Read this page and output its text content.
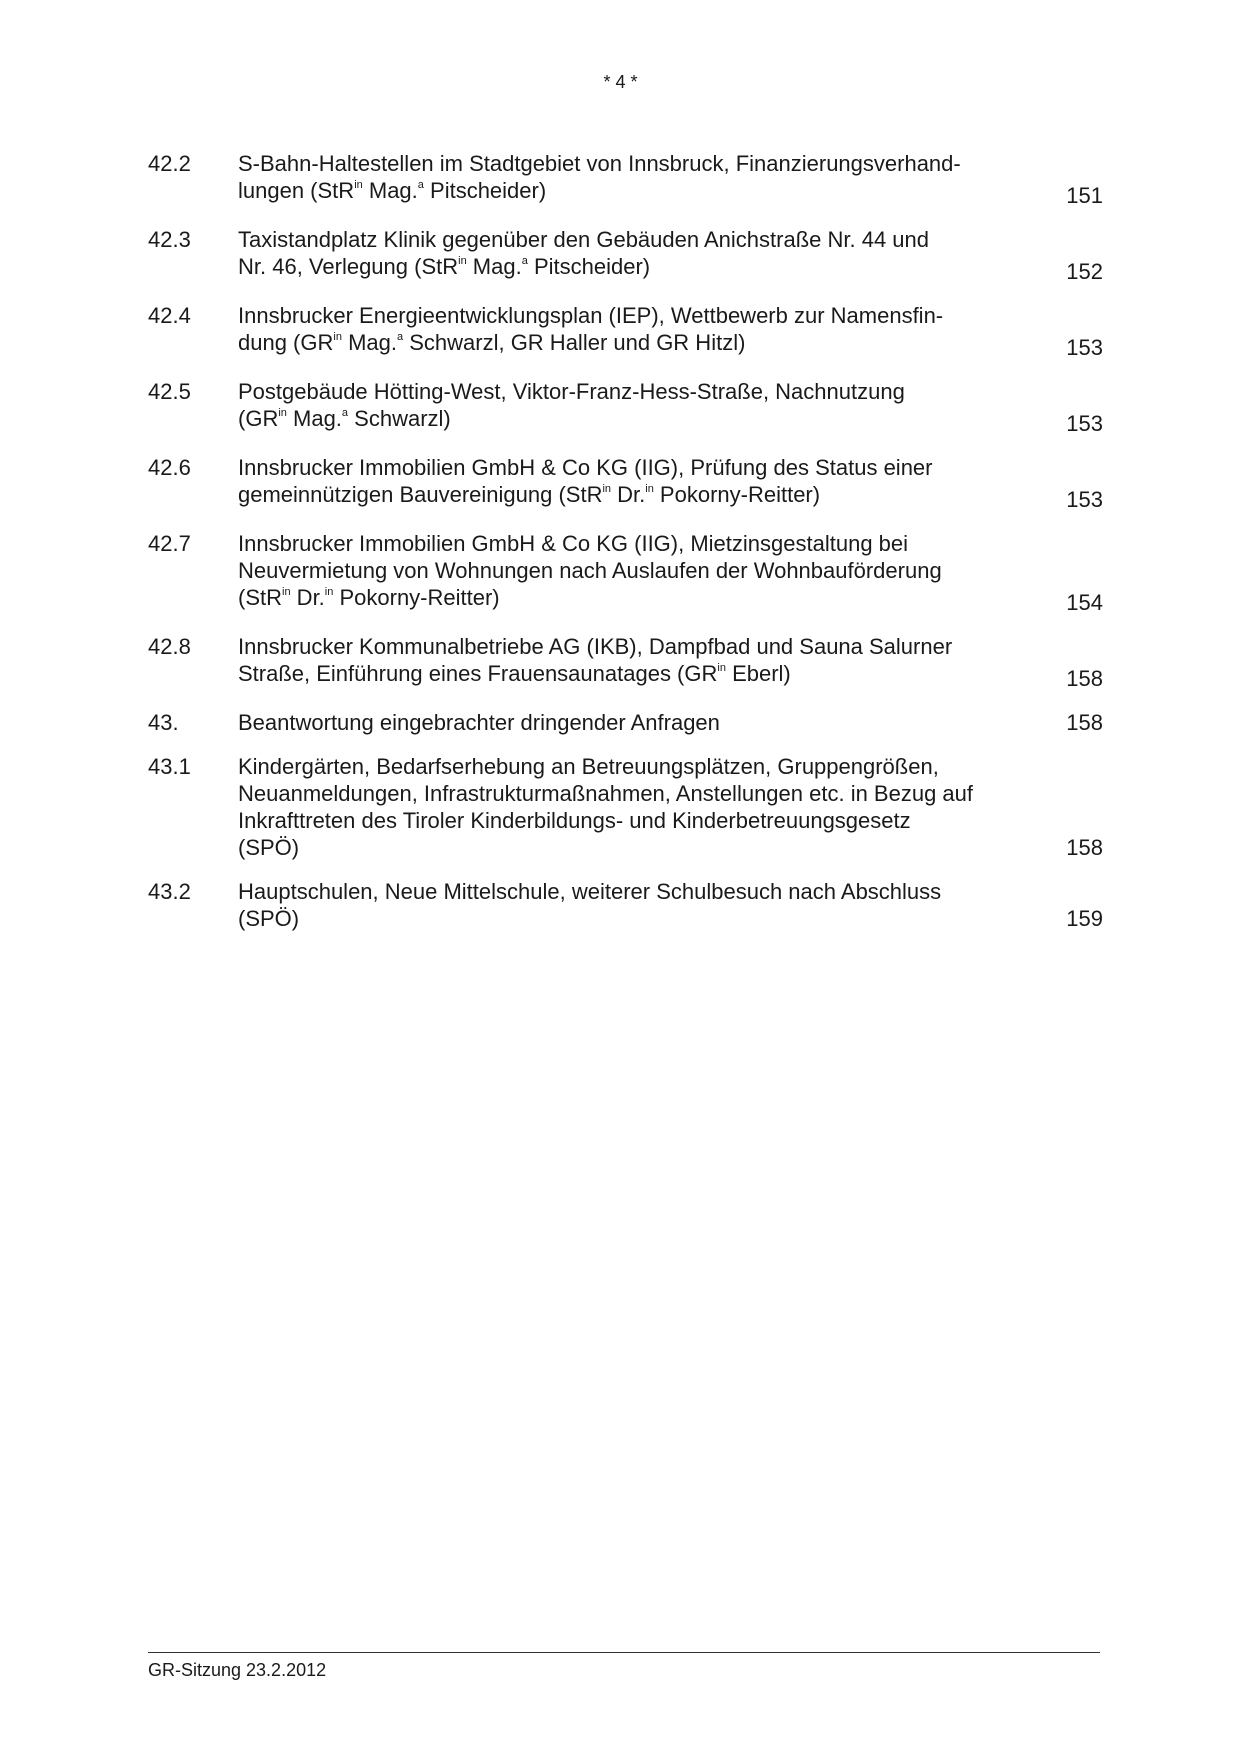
* 4 *
42.2	S-Bahn-Haltestellen im Stadtgebiet von Innsbruck, Finanzierungsverhand-
lungen (StR$^{in}$ Mag.$^a$ Pitscheider)	151
42.3	Taxistandplatz Klinik gegenüber den Gebäuden Anichstraße Nr. 44 und
Nr. 46, Verlegung (StR$^{in}$ Mag.$^a$ Pitscheider)	152
42.4	Innsbrucker Energieentwicklungsplan (IEP), Wettbewerb zur Namensfin-
dung ($GR^{in}$ Mag.$^a$ Schwarzl, GR Haller und GR Hitzl)	153
42.5	Postgebäude Hötting-West, Viktor-Franz-Hess-Straße, Nachnutzung
($GR^{in}$ Mag.$^a$ Schwarzl)	153
42.6	Innsbrucker Immobilien GmbH & Co KG (IIG), Prüfung des Status einer
gemeinnützigen Bauvereinigung (StR$^{in}$ Dr.$^{in}$ Pokorny-Reitter)	153
42.7	Innsbrucker Immobilien GmbH & Co KG (IIG), Mietzinsgestaltung bei
Neuvermietung von Wohnungen nach Auslaufen der Wohnbauförderung
(StR$^{in}$ Dr.$^{in}$ Pokorny-Reitter)	154
42.8	Innsbrucker Kommunalbetriebe AG (IKB), Dampfbad und Sauna Salurner
Straße, Einführung eines Frauensaunatages ($GR^{in}$ Eberl)	158
43.	Beantwortung eingebrachter dringender Anfragen	158
43.1	Kindergärten, Bedarfserhebung an Betreuungsplätzen, Gruppengrößen,
Neuanmeldungen, Infrastrukturmaßnahmen, Anstellungen etc. in Bezug auf
Inkrafttreten des Tiroler Kinderbildungs- und Kinderbetreuungsgesetz
(SPÖ)	158
43.2	Hauptschulen, Neue Mittelschule, weiterer Schulbesuch nach Abschluss
(SPÖ)	159
GR-Sitzung 23.2.2012
